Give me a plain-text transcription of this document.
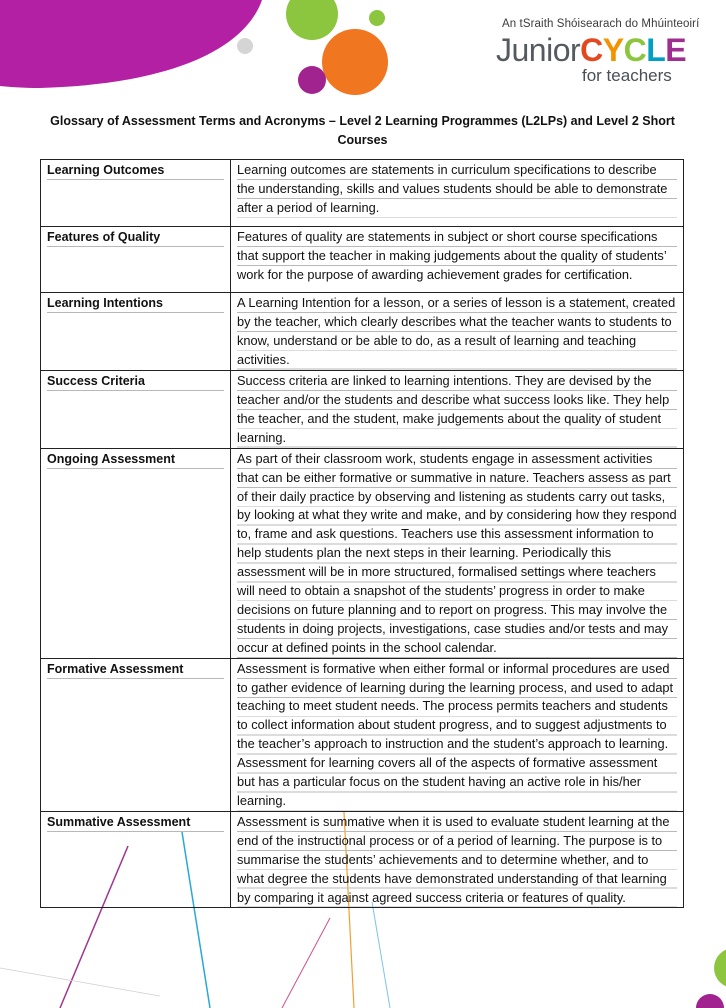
An tSraith Shóisearach do Mhúinteoirí
JuniorCYCLE
for teachers
Glossary of Assessment Terms and Acronyms – Level 2 Learning Programmes (L2LPs) and Level 2 Short Courses
Learning Outcomes	Learning outcomes are statements in curriculum specifications to describe the understanding, skills and values students should be able to demonstrate after a period of learning.

Features of Quality	Features of quality are statements in subject or short course specifications that support the teacher in making judgements about the quality of students’ work for the purpose of awarding achievement grades for certification.

Learning Intentions	A Learning Intention for a lesson, or a series of lesson is a statement, created by the teacher, which clearly describes what the teacher wants to students to know, understand or be able to do, as a result of learning and teaching activities.

Success Criteria	Success criteria are linked to learning intentions. They are devised by the teacher and/or the students and describe what success looks like. They help the teacher, and the student, make judgements about the quality of student learning.

Ongoing Assessment	As part of their classroom work, students engage in assessment activities that can be either formative or summative in nature. Teachers assess as part of their daily practice by observing and listening as students carry out tasks, by looking at what they write and make, and by considering how they respond to, frame and ask questions. Teachers use this assessment information to help students plan the next steps in their learning. Periodically this assessment will be in more structured, formalised settings where teachers will need to obtain a snapshot of the students’ progress in order to make decisions on future planning and to report on progress. This may involve the students in doing projects, investigations, case studies and/or tests and may occur at defined points in the school calendar.

Formative Assessment	Assessment is formative when either formal or informal procedures are used to gather evidence of learning during the learning process, and used to adapt teaching to meet student needs. The process permits teachers and students to collect information about student progress, and to suggest adjustments to the teacher’s approach to instruction and the student’s approach to learning. Assessment for learning covers all of the aspects of formative assessment but has a particular focus on the student having an active role in his/her learning.

Summative Assessment	Assessment is summative when it is used to evaluate student learning at the end of the instructional process or of a period of learning. The purpose is to summarise the students’ achievements and to determine whether, and to what degree the students have demonstrated understanding of that learning by comparing it against agreed success criteria or features of quality.
